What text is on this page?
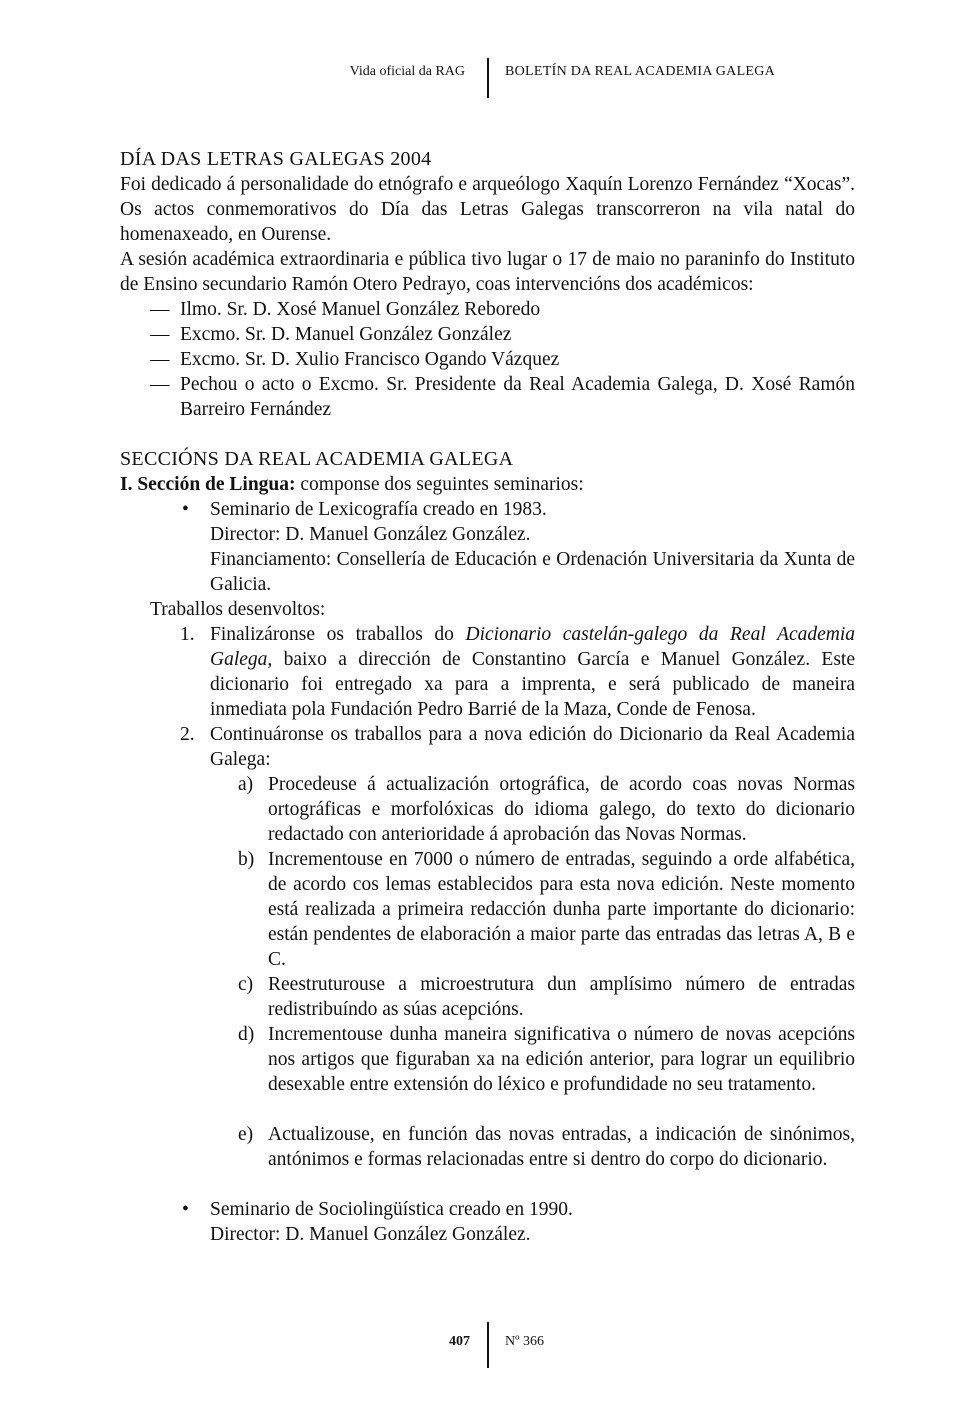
Vida oficial da RAG	BOLETÍN DA REAL ACADEMIA GALEGA
DÍA DAS LETRAS GALEGAS 2004

Foi dedicado á personalidade do etnógrafo e arqueólogo Xaquín Lorenzo Fernández “Xocas”. Os actos conmemorativos do Día das Letras Galegas transcorreron na vila natal do homenaxeado, en Ourense.

A sesión académica extraordinaria e pública tivo lugar o 17 de maio no paraninfo do Instituto de Ensino secundario Ramón Otero Pedrayo, coas intervencións dos académicos:

— Ilmo. Sr. D. Xosé Manuel González Reboredo

— Excmo. Sr. D. Manuel González González

— Excmo. Sr. D. Xulio Francisco Ogando Vázquez

— Pechou o acto o Excmo. Sr. Presidente da Real Academia Galega, D. Xosé Ramón Barreiro Fernández

SECCIÓNS DA REAL ACADEMIA GALEGA

I. Sección de Lingua: componse dos seguintes seminarios:

• Seminario de Lexicografía creado en 1983.

Director: D. Manuel González González.

Financiamento: Consellería de Educación e Ordenación Universitaria da Xunta de Galicia.

Traballos desenvoltos:

1. Finalizáronse os traballos do Dicionario castelán-galego da Real Academia Galega, baixo a dirección de Constantino García e Manuel González. Este dicionario foi entregado xa para a imprenta, e será publicado de maneira inmediata pola Fundación Pedro Barrié de la Maza, Conde de Fenosa.

2. Continuáronse os traballos para a nova edición do Dicionario da Real Academia Galega:

a) Procedeuse á actualización ortográfica, de acordo coas novas Normas ortográficas e morfolóxicas do idioma galego, do texto do dicionario redactado con anterioridade á aprobación das Novas Normas.

b) Incrementouse en 7000 o número de entradas, seguindo a orde alfabética, de acordo cos lemas establecidos para esta nova edición. Neste momento está realizada a primeira redacción dunha parte importante do dicionario: están pendentes de elaboración a maior parte das entradas das letras A, B e C.

c) Reestruturouse a microestrutura dun amplísimo número de entradas redistribuíndo as súas acepcións.

d) Incrementouse dunha maneira significativa o número de novas acepcións nos artigos que figuraban xa na edición anterior, para lograr un equilibrio desexable entre extensión do léxico e profundidade no seu tratamento.

e) Actualizouse, en función das novas entradas, a indicación de sinónimos, antónimos e formas relacionadas entre si dentro do corpo do dicionario.

• Seminario de Sociolingüística creado en 1990.

Director: D. Manuel González González.

407	Nº 366
